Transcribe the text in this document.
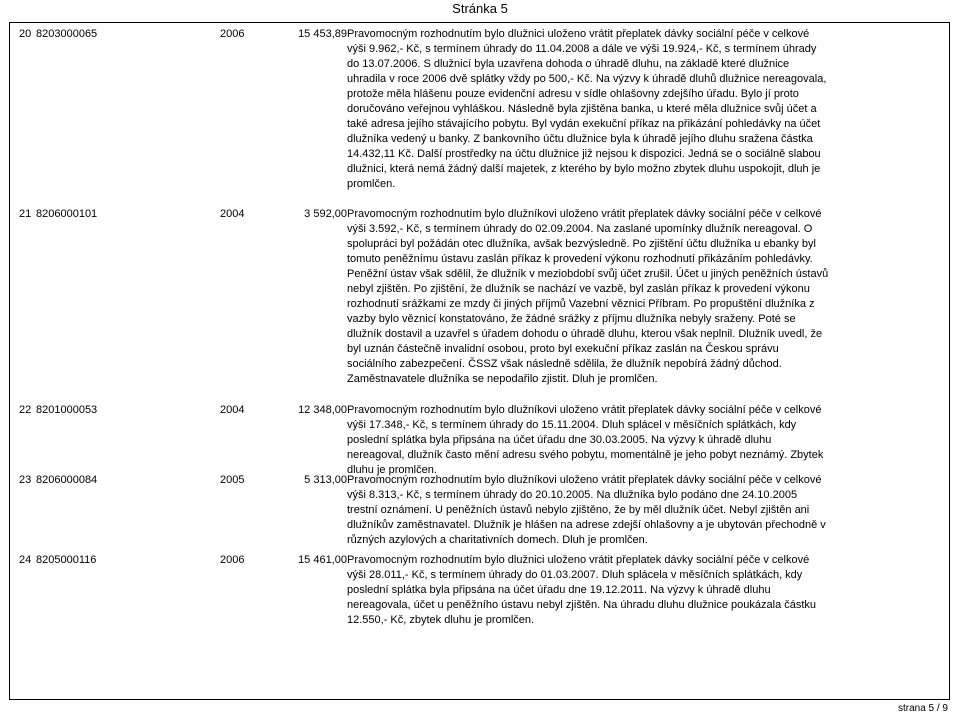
Stránka 5
20 8203000065	2006	15 453,89 Pravomocným rozhodnutím bylo dlužnici uloženo vrátit přeplatek dávky sociální péče v celkové

výši 9.962,- Kč, s termínem úhrady do 11.04.2008 a dále ve výši 19.924,- Kč, s termínem úhrady

do 13.07.2006. S dlužnicí byla uzavřena dohoda o úhradě dluhu, na základě které dlužnice

uhradila v roce 2006 dvě splátky vždy po 500,- Kč. Na výzvy k úhradě dluhů dlužnice nereagovala,

protože měla hlášenu pouze evidenční adresu v sídle ohlašovny zdejšího úřadu. Bylo jí proto

doručováno veřejnou vyhláškou. Následně byla zjištěna banka, u které měla dlužnice svůj účet a

také adresa jejího stávajícího pobytu. Byl vydán exekuční příkaz na přikázání pohledávky na účet

dlužníka vedený u banky. Z bankovního účtu dlužnice byla k úhradě jejího dluhu sražena částka

14.432,11 Kč. Další prostředky na účtu dlužnice již nejsou k dispozici. Jedná se o sociálně slabou

dlužnici, která nemá žádný další majetek, z kterého by bylo možno zbytek dluhu uspokojit, dluh je

promlčen.

21 8206000101	2004	3 592,00 Pravomocným rozhodnutím bylo dlužníkovi uloženo vrátit přeplatek dávky sociální péče v celkové

výši 3.592,- Kč, s termínem úhrady do 02.09.2004. Na zaslané upomínky dlužník nereagoval. O

spolupráci byl požádán otec dlužníka, avšak bezvýsledně. Po zjištění účtu dlužníka u ebanky byl

tomuto peněžnímu ústavu zaslán příkaz k provedení výkonu rozhodnutí přikázáním pohledávky.

Peněžní ústav však sdělil, že dlužník v meziobdobí svůj účet zrušil. Účet u jiných peněžních ústavů

nebyl zjištěn. Po zjištění, že dlužník se nachází ve vazbě, byl zaslán příkaz k provedení výkonu

rozhodnutí srážkami ze mzdy či jiných příjmů Vazební věznici Příbram. Po propuštění dlužníka z

vazby bylo věznicí konstatováno, že žádné srážky z příjmu dlužníka nebyly sraženy. Poté se

dlužník dostavil a uzavřel s úřadem dohodu o úhradě dluhu, kterou však neplnil. Dlužník uvedl, že

byl uznán částečně invalidní osobou, proto byl exekuční příkaz zaslán na Českou správu

sociálního zabezpečení. ČSSZ však následně sdělila, že dlužník nepobírá žádný důchod.

Zaměstnavatele dlužníka se nepodařilo zjistit. Dluh je promlčen.

22 8201000053	2004	12 348,00 Pravomocným rozhodnutím bylo dlužníkovi uloženo vrátit přeplatek dávky sociální péče v celkové

výši 17.348,- Kč, s termínem úhrady do 15.11.2004. Dluh splácel v měsíčních splátkách, kdy

poslední splátka byla připsána na účet úřadu dne 30.03.2005. Na výzvy k úhradě dluhu

nereagoval, dlužník často mění adresu svého pobytu, momentálně je jeho pobyt neznámý. Zbytek

dluhu je promlčen.

23 8206000084	2005	5 313,00 Pravomocným rozhodnutím bylo dlužníkovi uloženo vrátit přeplatek dávky sociální péče v celkové

výši 8.313,- Kč, s termínem úhrady do 20.10.2005. Na dlužníka bylo podáno dne 24.10.2005

trestní oznámení. U peněžních ústavů nebylo zjištěno, že by měl dlužník účet. Nebyl zjištěn ani

dlužníkův zaměstnavatel. Dlužník je hlášen na adrese zdejší ohlašovny a je ubytován přechodně v

různých azylových a charitativních domech. Dluh je promlčen.

24 8205000116	2006	15 461,00 Pravomocným rozhodnutím bylo dlužnici uloženo vrátit přeplatek dávky sociální péče v celkové

výši 28.011,- Kč, s termínem úhrady do 01.03.2007. Dluh splácela v měsíčních splátkách, kdy

poslední splátka byla připsána na účet úřadu dne 19.12.2011. Na výzvy k úhradě dluhu

nereagovala, účet u peněžního ústavu nebyl zjištěn. Na úhradu dluhu dlužnice poukázala částku

12.550,- Kč, zbytek dluhu je promlčen.

strana 5 / 9
